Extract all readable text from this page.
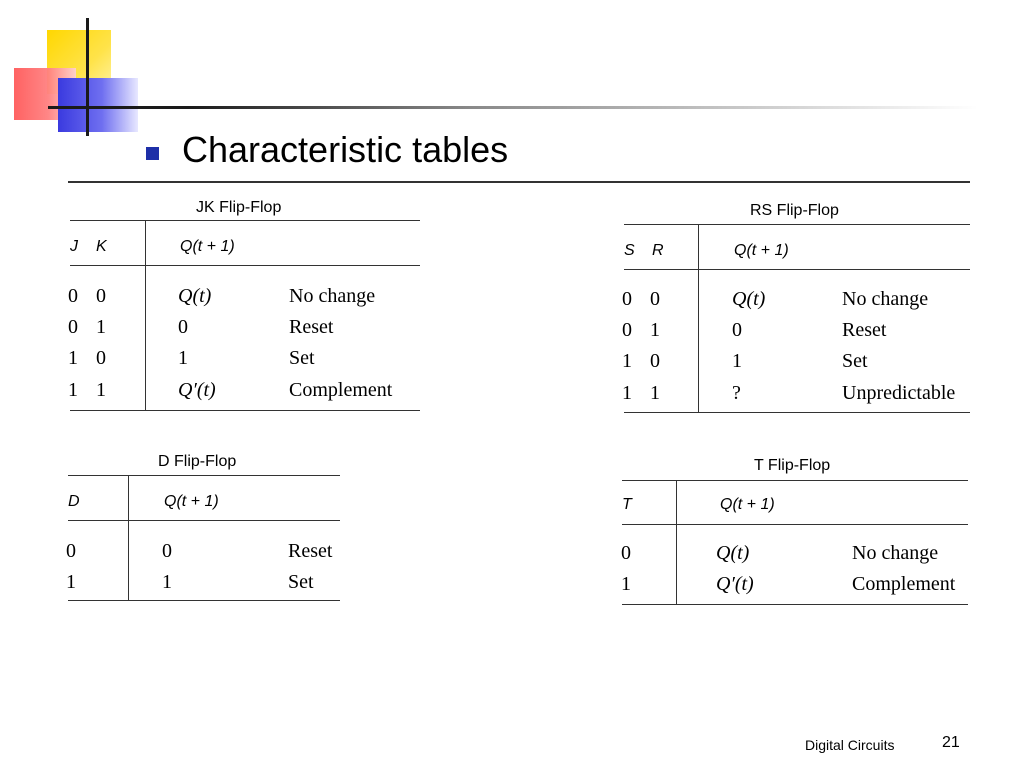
Characteristic tables
JK Flip-Flop
J K	Q(t + 1)
0 0	Q(t)	No change
0 1	0	Reset
1 0	1	Set
1 1	Q′(t)	Complement
RS Flip-Flop
S R	Q(t + 1)
0 0	Q(t)	No change
0 1	0	Reset
1 0	1	Set
1 1	?	Unpredictable
D Flip-Flop
D	Q(t + 1)
0	0	Reset
1	1	Set
T Flip-Flop
T	Q(t + 1)
0	Q(t)	No change
1	Q′(t)	Complement
Digital Circuits	21
